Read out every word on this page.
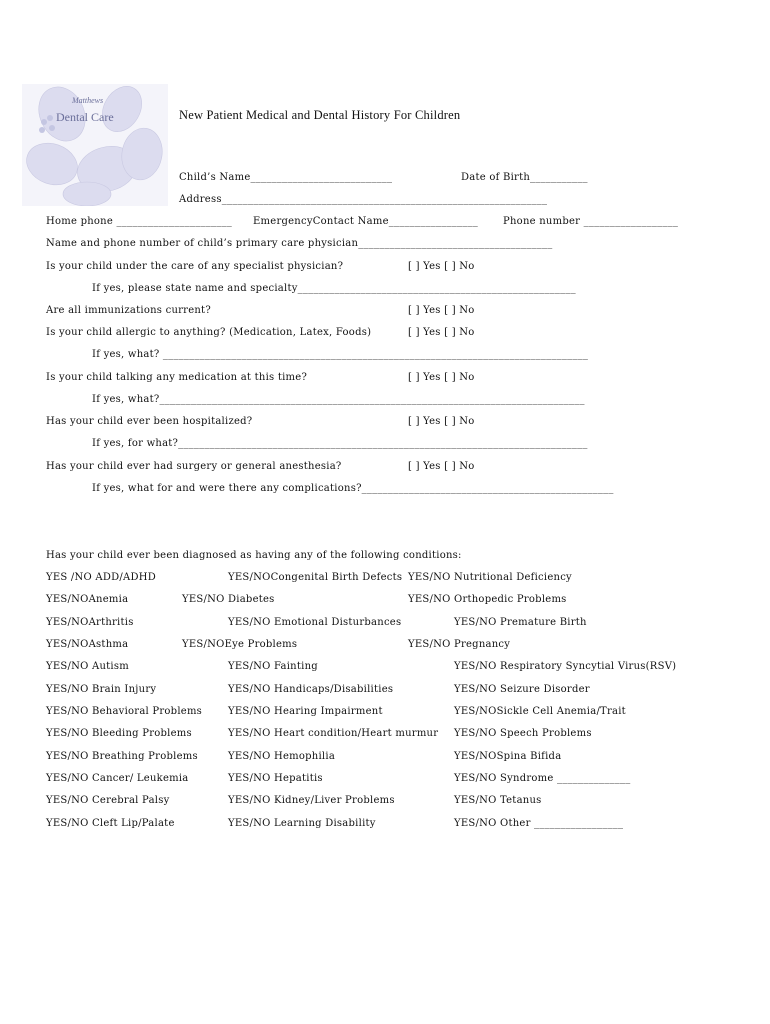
Matthews
Dental Care	New Patient Medical and Dental History For Children
Child’s Name___________________________	Date of Birth___________
Address______________________________________________________________
Home phone ______________________ EmergencyContact Name_________________	Phone number __________________
Name and phone number of child’s primary care physician_____________________________________
Is your child under the care of any specialist physician?	[ ] Yes [ ] No
If yes, please state name and specialty_____________________________________________________
Are all immunizations current?	[ ] Yes [ ] No
Is your child allergic to anything? (Medication, Latex, Foods)	[ ] Yes [ ] No
If yes, what? _________________________________________________________________________________
Is your child talking any medication at this time?	[ ] Yes [ ] No
If yes, what?_________________________________________________________________________________
Has your child ever been hospitalized?	[ ] Yes [ ] No
If yes, for what?______________________________________________________________________________
Has your child ever had surgery or general anesthesia?	[ ] Yes [ ] No
If yes, what for and were there any complications?________________________________________________
Has your child ever been diagnosed as having any of the following conditions:
YES /NO ADD/ADHD	YES/NOCongenital Birth Defects YES/NO Nutritional Deficiency
YES/NOAnemia	YES/NO Diabetes	YES/NO Orthopedic Problems
YES/NOArthritis	YES/NO Emotional Disturbances	YES/NO Premature Birth
YES/NOAsthma	YES/NOEye Problems	YES/NO Pregnancy
YES/NO Autism	YES/NO Fainting	YES/NO Respiratory Syncytial Virus(RSV)
YES/NO Brain Injury	YES/NO Handicaps/Disabilities	YES/NO Seizure Disorder
YES/NO Behavioral Problems	YES/NO Hearing Impairment	YES/NOSickle Cell Anemia/Trait
YES/NO Bleeding Problems	YES/NO Heart condition/Heart murmur YES/NO Speech Problems
YES/NO Breathing Problems	YES/NO Hemophilia	YES/NOSpina Bifida
YES/NO Cancer/ Leukemia	YES/NO Hepatitis	YES/NO Syndrome ______________
YES/NO Cerebral Palsy	YES/NO Kidney/Liver Problems	YES/NO Tetanus
YES/NO Cleft Lip/Palate	YES/NO Learning Disability	YES/NO Other _________________
